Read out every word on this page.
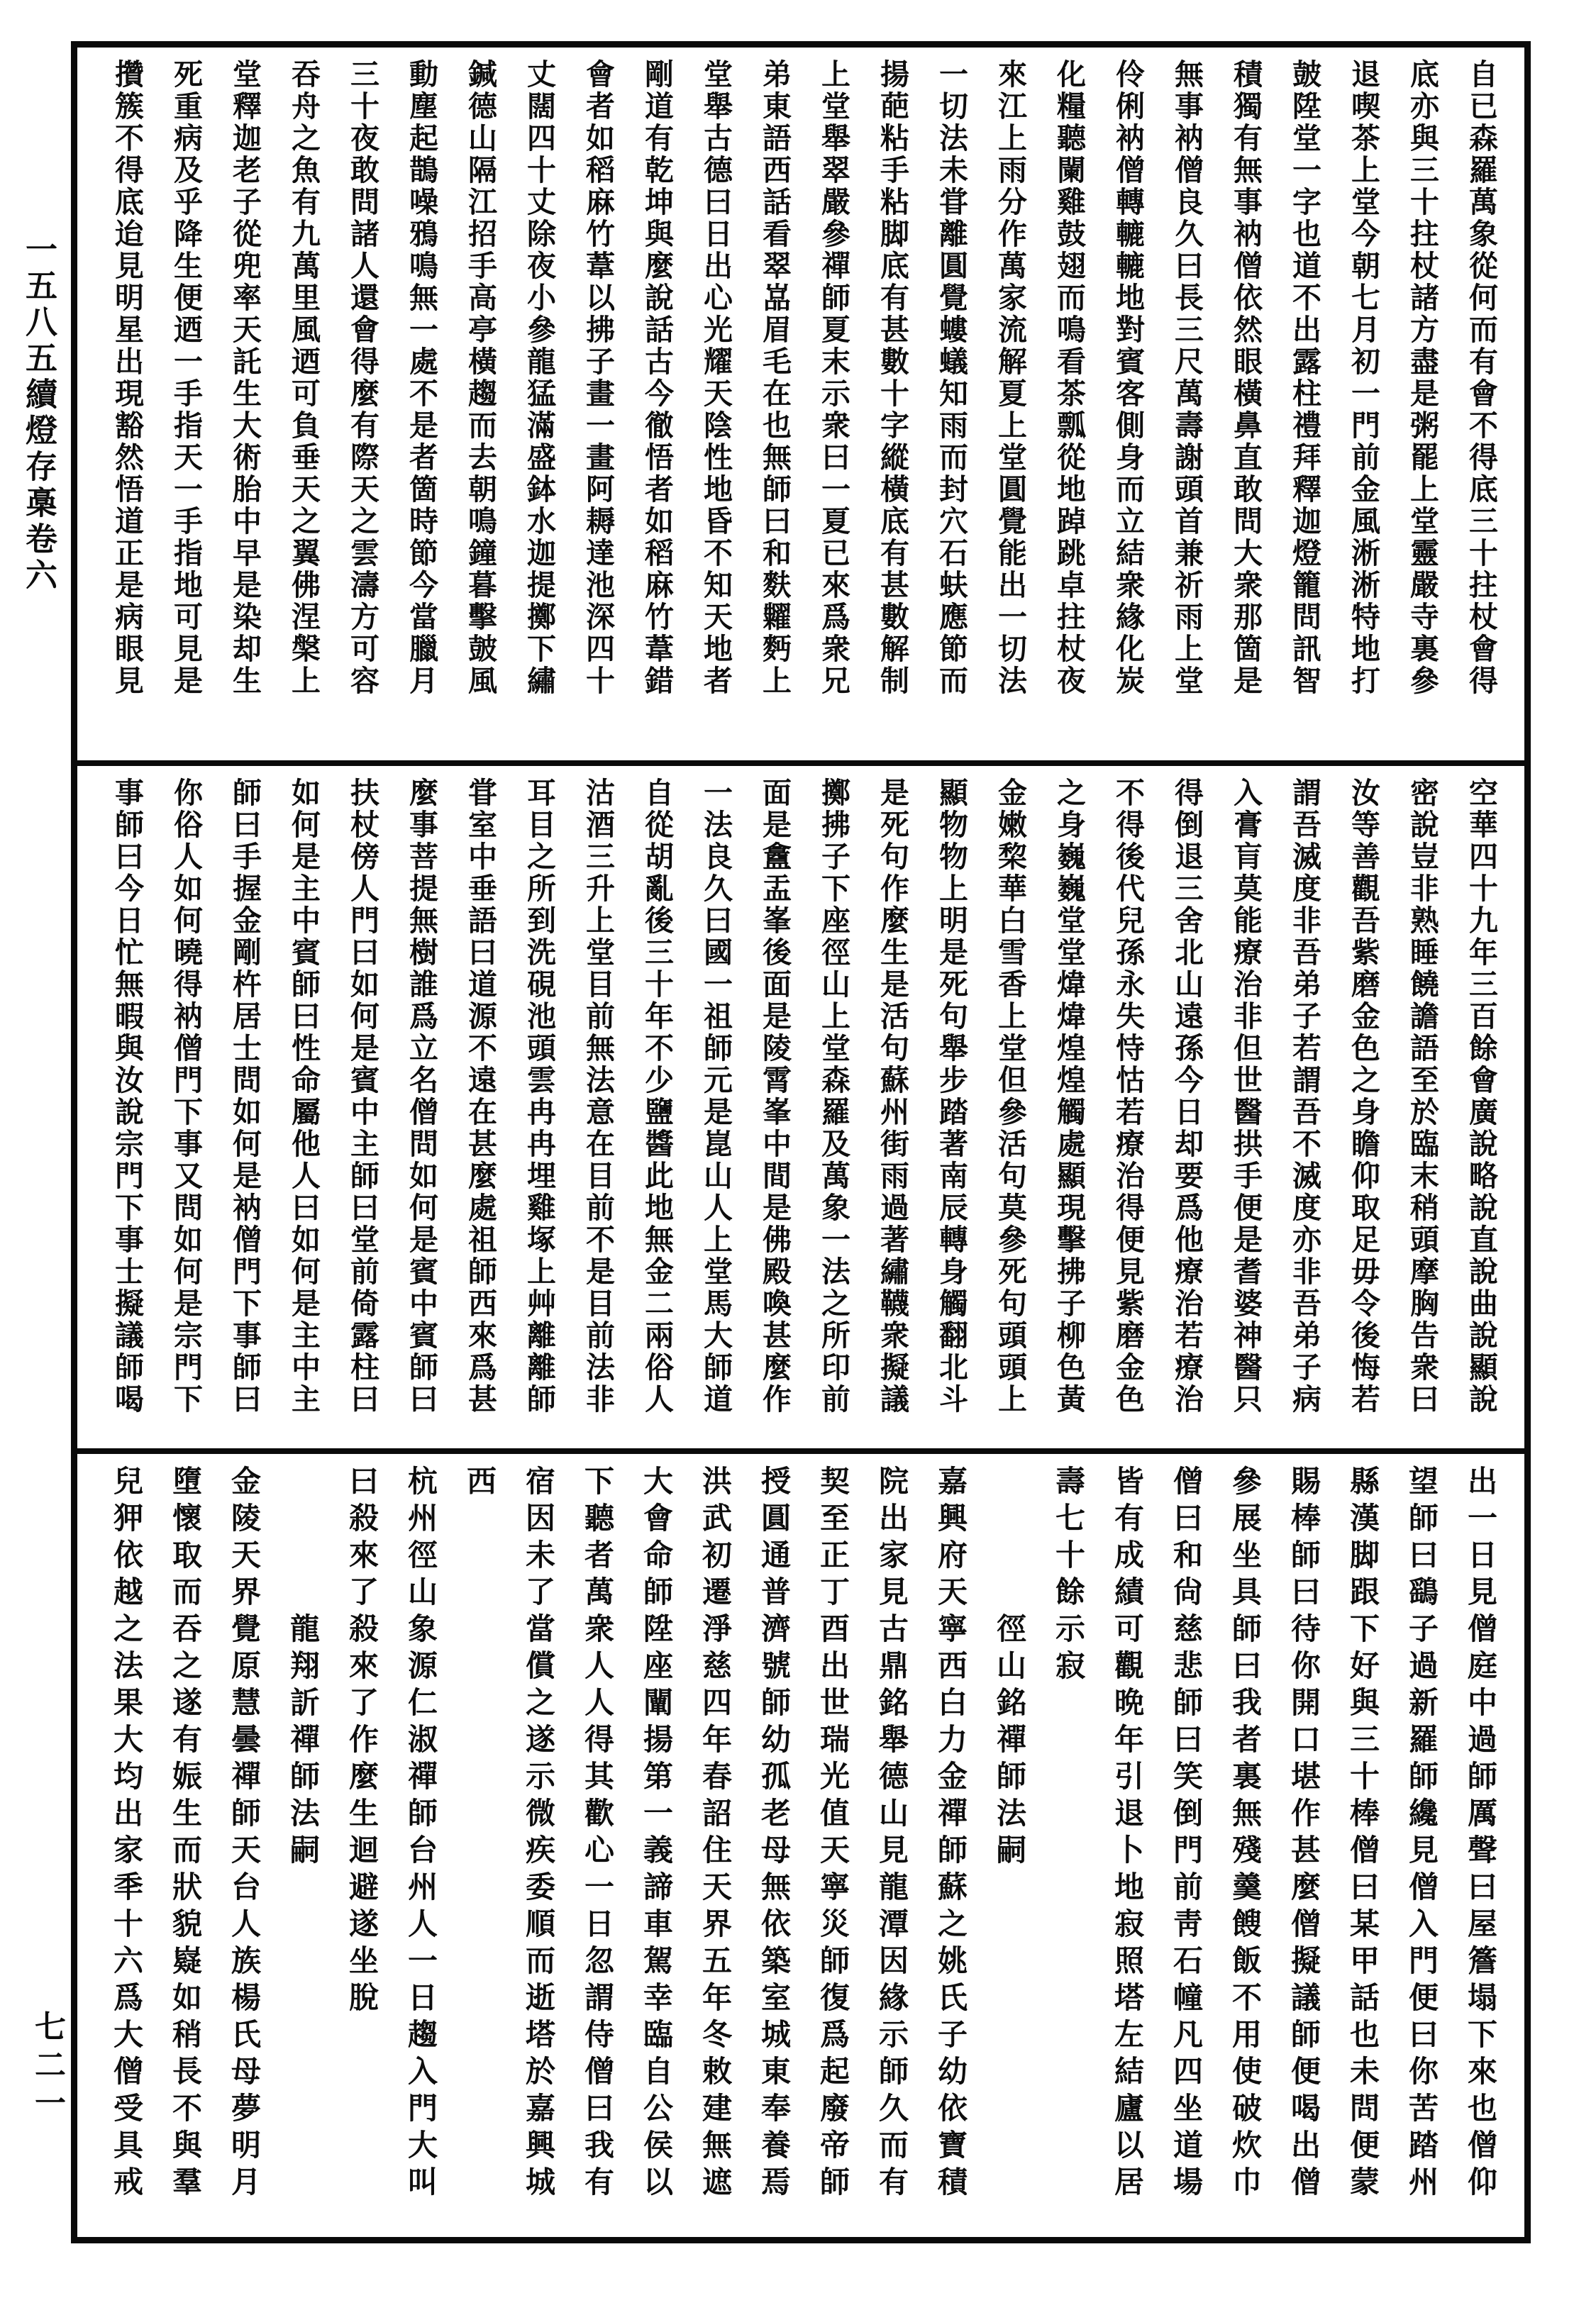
一五八五續燈存槀卷六
七二一
自已森羅萬象從何而有會不得底三十拄杖會得
底亦與三十拄杖諸方盡是粥罷上堂靈嚴寺裏參
退喫茶上堂今朝七月初一門前金風淅淅特地打
皷陞堂一字也道不出露柱禮拜釋迦燈籠問訊智
積獨有無事衲僧依然眼橫鼻直敢問大衆那箇是
無事衲僧良久曰長三尺萬壽謝頭首兼祈雨上堂
伶俐衲僧轉轆轆地對賓客側身而立結衆緣化炭
化糧聽闌雞鼓翅而鳴看茶瓢從地踔跳卓拄杖夜
來江上雨分作萬家流解夏上堂圓覺能出一切法
一切法未甞離圓覺螻蟻知雨而封穴石蚨應節而
揚葩粘手粘脚底有甚數十字縱橫底有甚數解制
上堂舉翠嚴參禪師夏末示衆曰一夏已來爲衆兄
弟東語西話看翠嵓眉毛在也無師曰和麩糶麪上
堂舉古德曰日出心光耀天陰性地昏不知天地者
剛道有乾坤與麼說話古今徹悟者如稻麻竹葦錯
會者如稻麻竹葦以拂子畫一畫阿耨達池深四十
丈闊四十丈除夜小參龍猛滿盛鉢水迦提擲下繡
鍼德山隔江招手高亭橫趨而去朝鳴鐘暮擊皷風
動塵起鵲噪鴉鳴無一處不是者箇時節今當臘月
三十夜敢問諸人還會得麼有際天之雲濤方可容
吞舟之魚有九萬里風迺可負垂天之翼佛涅槃上
堂釋迦老子從兜率天託生大術胎中早是染却生
死重病及乎降生便迺一手指天一手指地可見是
攢簇不得底迨見明星出現豁然悟道正是病眼見
空華四十九年三百餘會廣說略說直說曲說顯說
密說豈非熟睡饒譫語至於臨末稍頭摩胸告衆曰
汝等善觀吾紫磨金色之身瞻仰取足毋令後悔若
謂吾滅度非吾弟子若謂吾不滅度亦非吾弟子病
入膏肓莫能療治非但世醫拱手便是耆婆神醫只
得倒退三舍北山遠孫今日却要爲他療治若療治
不得後代兒孫永失恃怙若療治得便見紫磨金色
之身巍巍堂堂煒煒煌煌觸處顯現擊拂子柳色黃
金嫩棃華白雪香上堂但參活句莫參死句頭頭上
顯物物上明是死句舉步踏著南辰轉身觸翻北斗
是死句作麼生是活句蘇州街雨過著繡韈衆擬議
擲拂子下座徑山上堂森羅及萬象一法之所印前
面是盫盂峯後面是陵霄峯中間是佛殿喚甚麼作
一法良久曰國一祖師元是崑山人上堂馬大師道
自從胡亂後三十年不少鹽醬此地無金二兩俗人
沽酒三升上堂目前無法意在目前不是目前法非
耳目之所到洗硯池頭雲冉冉埋雞塚上艸離離師
甞室中垂語曰道源不遠在甚麼處祖師西來爲甚
麼事菩提無樹誰爲立名僧問如何是賓中賓師曰
扶杖傍人門曰如何是賓中主師曰堂前倚露柱曰
如何是主中賓師曰性命屬他人曰如何是主中主
師曰手握金剛杵居士問如何是衲僧門下事師曰
你俗人如何曉得衲僧門下事又問如何是宗門下
事師曰今日忙無暇與汝說宗門下事士擬議師喝
出一日見僧庭中過師厲聲曰屋簷塌下來也僧仰
望師曰鷂子過新羅師纔見僧入門便曰你苦踏州
縣漢脚跟下好與三十棒僧曰某甲話也未問便蒙
賜棒師曰待你開口堪作甚麼僧擬議師便喝出僧
參展坐具師曰我者裏無殘羹餿飯不用使破炊巾
僧曰和尙慈悲師曰笑倒門前靑石幢凡四坐道場
皆有成績可觀晩年引退卜地寂照塔左結廬以居
壽七十餘示寂
　　　　徑山銘禪師法嗣
嘉興府天寧西白力金禪師蘇之姚氏子幼依寶積
院出家見古鼎銘舉德山見龍潭因緣示師久而有
契至正丁酉出世瑞光值天寧災師復爲起廢帝師
授圓通普濟號師幼孤老母無依築室城東奉養焉
洪武初遷淨慈四年春詔住天界五年冬敕建無遮
大會命師陞座闡揚第一義諦車駕幸臨自公侯以
下聽者萬衆人人得其歡心一日忽謂侍僧曰我有
宿因未了當償之遂示微疾委順而逝塔於嘉興城
西
杭州徑山象源仁淑禪師台州人一日趨入門大叫
曰殺來了殺來了作麼生迴避遂坐脫
　　　　龍翔訢禪師法嗣
金陵天界覺原慧曇禪師天台人族楊氏母夢明月
墮懷取而吞之遂有娠生而狀貌嶷如稍長不與羣
兒狎依越之法果大均出家秊十六爲大僧受具戒
